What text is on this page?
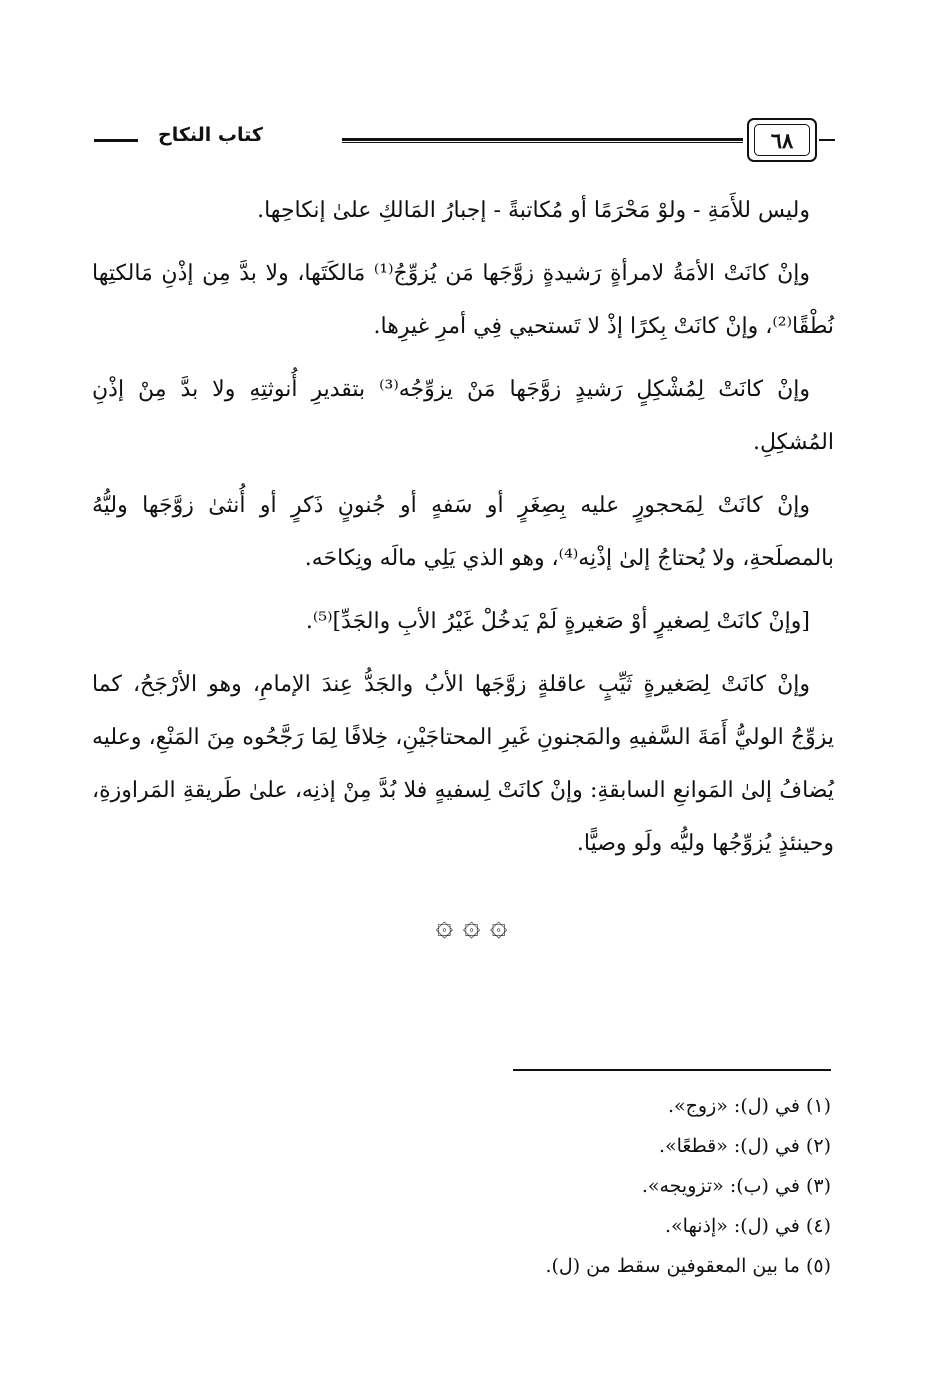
٦٨
كتاب النكاح

وليس للأَمَةِ - ولوْ مَحْرَمًا أو مُكاتبةً - إجبارُ المَالكِ علىٰ إنكاحِها.

وإنْ كانَتْ الأمَةُ لامرأةٍ رَشيدةٍ زوَّجَها مَن يُزوِّجُ⁽¹⁾ مَالكَتَها، ولا بدَّ مِن إذْنِ مَالكتِها نُطْقًا⁽²⁾، وإنْ كانَتْ بِكرًا إذْ لا تَستحيي فِي أمرِ غيرِها.

وإنْ كانَتْ لِمُشْكِلٍ رَشيدٍ زوَّجَها مَنْ يزوِّجُه⁽³⁾ بتقديرِ أُنوثتِهِ ولا بدَّ مِنْ إذْنِ المُشكِلِ.

وإنْ كانَتْ لِمَحجورٍ عليه بِصِغَرٍ أو سَفهٍ أو جُنونٍ ذَكرٍ أو أُنثىٰ زوَّجَها وليُّهُ بالمصلَحةِ، ولا يُحتاجُ إلىٰ إذْنِه⁽⁴⁾، وهو الذي يَلِي مالَه ونِكاحَه.

[وإنْ كانَتْ لِصغيرٍ أوْ صَغيرةٍ لَمْ يَدخُلْ غَيْرُ الأبِ والجَدِّ]⁽⁵⁾.

وإنْ كانَتْ لِصَغيرةٍ ثَيِّبٍ عاقلةٍ زوَّجَها الأبُ والجَدُّ عِندَ الإمامِ، وهو الأرْجَحُ، كما يزوِّجُ الوليُّ أَمَةَ السَّفيهِ والمَجنونِ غَيرِ المحتاجَيْنِ، خِلافًا لِمَا رَجَّحُوه مِنَ المَنْعِ، وعليه يُضافُ إلىٰ المَوانعِ السابقةِ: وإنْ كانَتْ لِسفيهٍ فلا بُدَّ مِنْ إذنِه، علىٰ طَريقةِ المَراوزةِ، وحينئذٍ يُزوِّجُها وليُّه ولَو وصيًّا.

۞ ۞ ۞
(١) في (ل): «زوج».
(٢) في (ل): «قطعًا».
(٣) في (ب): «تزويجه».
(٤) في (ل): «إذنها».
(٥) ما بين المعقوفين سقط من (ل).
